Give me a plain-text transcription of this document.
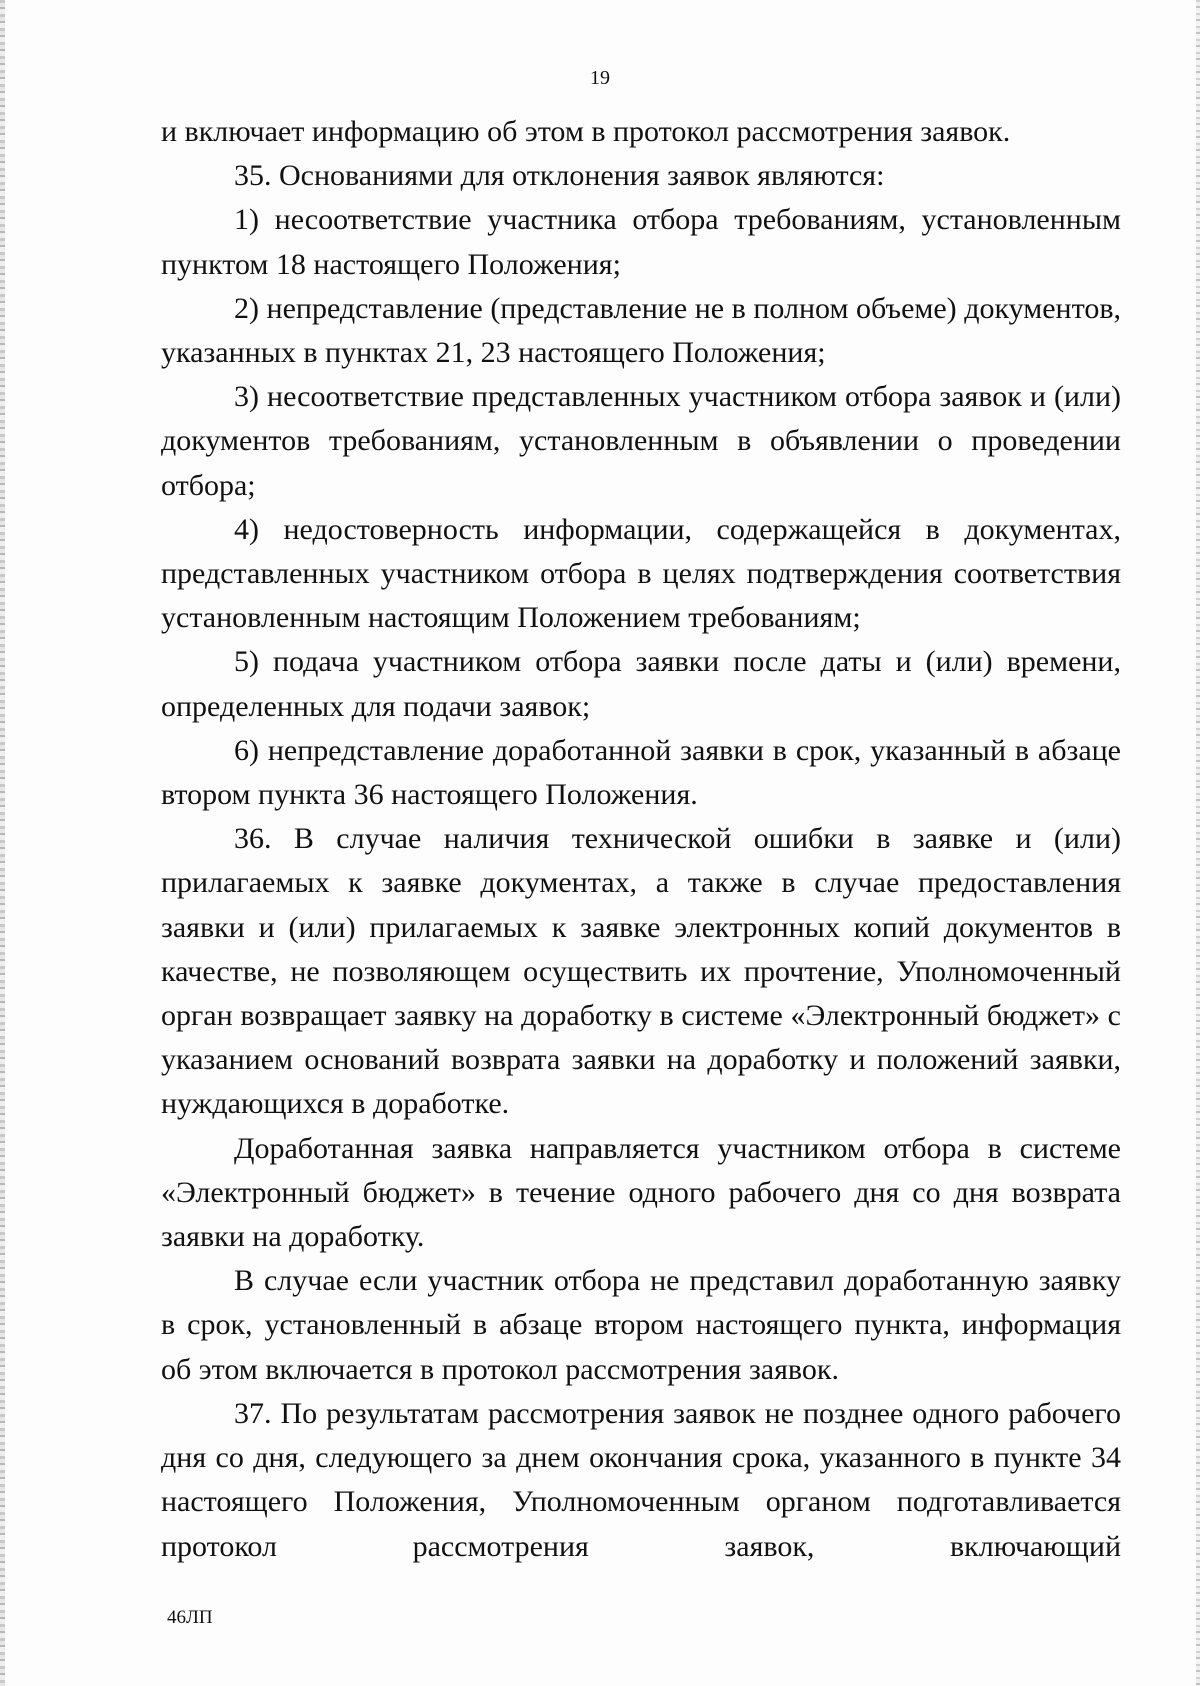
19

и включает информацию об этом в протокол рассмотрения заявок.

35. Основаниями для отклонения заявок являются:

1) несоответствие участника отбора требованиям, установленным пунктом 18 настоящего Положения;

2) непредставление (представление не в полном объеме) документов, указанных в пунктах 21, 23 настоящего Положения;

3) несоответствие представленных участником отбора заявок и (или) документов требованиям, установленным в объявлении о проведении отбора;

4) недостоверность информации, содержащейся в документах, представленных участником отбора в целях подтверждения соответствия установленным настоящим Положением требованиям;

5) подача участником отбора заявки после даты и (или) времени, определенных для подачи заявок;

6) непредставление доработанной заявки в срок, указанный в абзаце втором пункта 36 настоящего Положения.

36. В случае наличия технической ошибки в заявке и (или) прилагаемых к заявке документах, а также в случае предоставления заявки и (или) прилагаемых к заявке электронных копий документов в качестве, не позволяющем осуществить их прочтение, Уполномоченный орган возвращает заявку на доработку в системе «Электронный бюджет» с указанием оснований возврата заявки на доработку и положений заявки, нуждающихся в доработке.

Доработанная заявка направляется участником отбора в системе «Электронный бюджет» в течение одного рабочего дня со дня возврата заявки на доработку.

В случае если участник отбора не представил доработанную заявку в срок, установленный в абзаце втором настоящего пункта, информация об этом включается в протокол рассмотрения заявок.

37. По результатам рассмотрения заявок не позднее одного рабочего дня со дня, следующего за днем окончания срока, указанного в пункте 34 настоящего Положения, Уполномоченным органом подготавливается протокол рассмотрения заявок, включающий

46ЛП
